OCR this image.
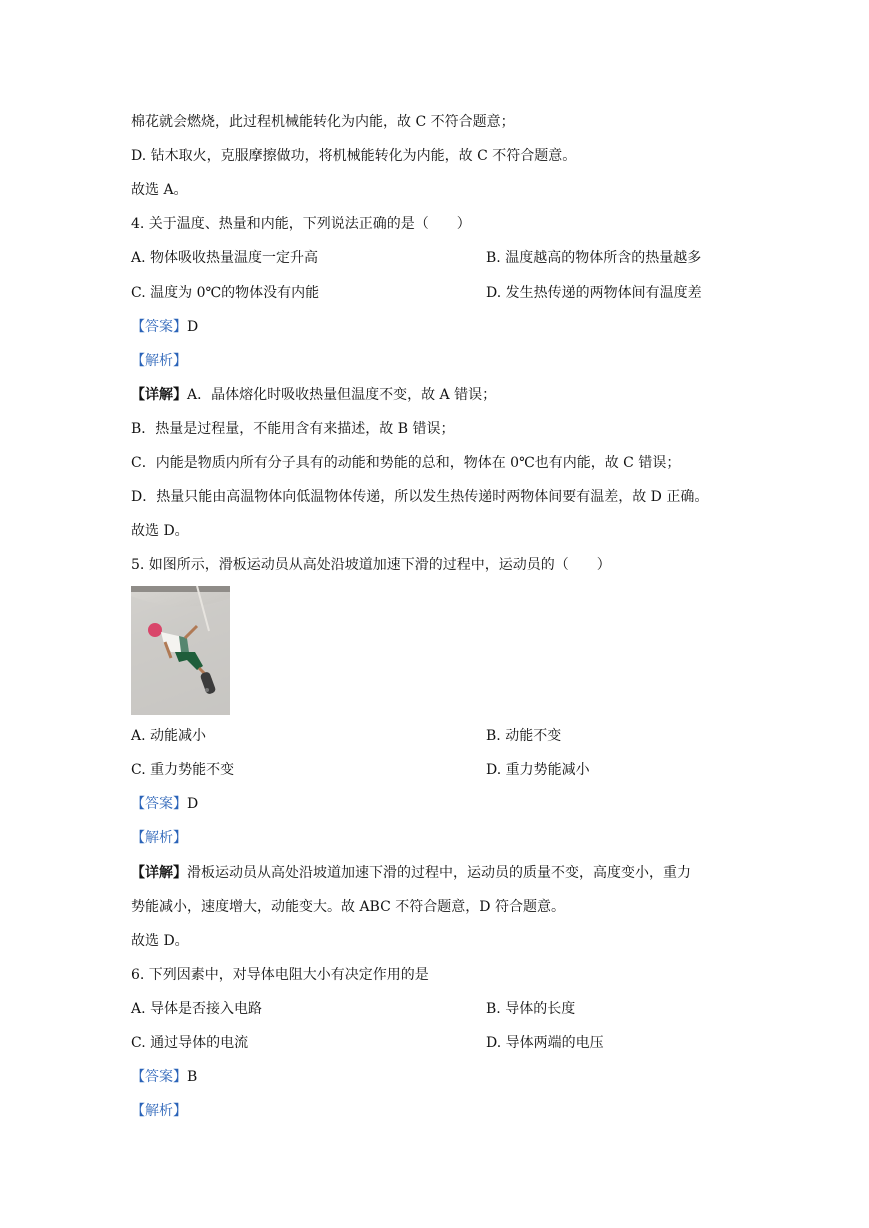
棉花就会燃烧，此过程机械能转化为内能，故 C 不符合题意；
D. 钻木取火，克服摩擦做功，将机械能转化为内能，故 C 不符合题意。
故选 A。
4. 关于温度、热量和内能，下列说法正确的是（　　）
A. 物体吸收热量温度一定升高	B. 温度越高的物体所含的热量越多
C. 温度为 0℃的物体没有内能	D. 发生热传递的两物体间有温度差
【答案】D
【解析】
【详解】A．晶体熔化时吸收热量但温度不变，故 A 错误；
B．热量是过程量，不能用含有来描述，故 B 错误；
C．内能是物质内所有分子具有的动能和势能的总和，物体在 0℃也有内能，故 C 错误；
D．热量只能由高温物体向低温物体传递，所以发生热传递时两物体间要有温差，故 D 正确。
故选 D。
5. 如图所示，滑板运动员从高处沿坡道加速下滑的过程中，运动员的（　　）
A. 动能减小	B. 动能不变
C. 重力势能不变	D. 重力势能减小
【答案】D
【解析】
【详解】滑板运动员从高处沿坡道加速下滑的过程中，运动员的质量不变，高度变小，重力
势能减小，速度增大，动能变大。故 ABC 不符合题意，D 符合题意。
故选 D。
6. 下列因素中，对导体电阻大小有决定作用的是
A. 导体是否接入电路	B. 导体的长度
C. 通过导体的电流	D. 导体两端的电压
【答案】B
【解析】
